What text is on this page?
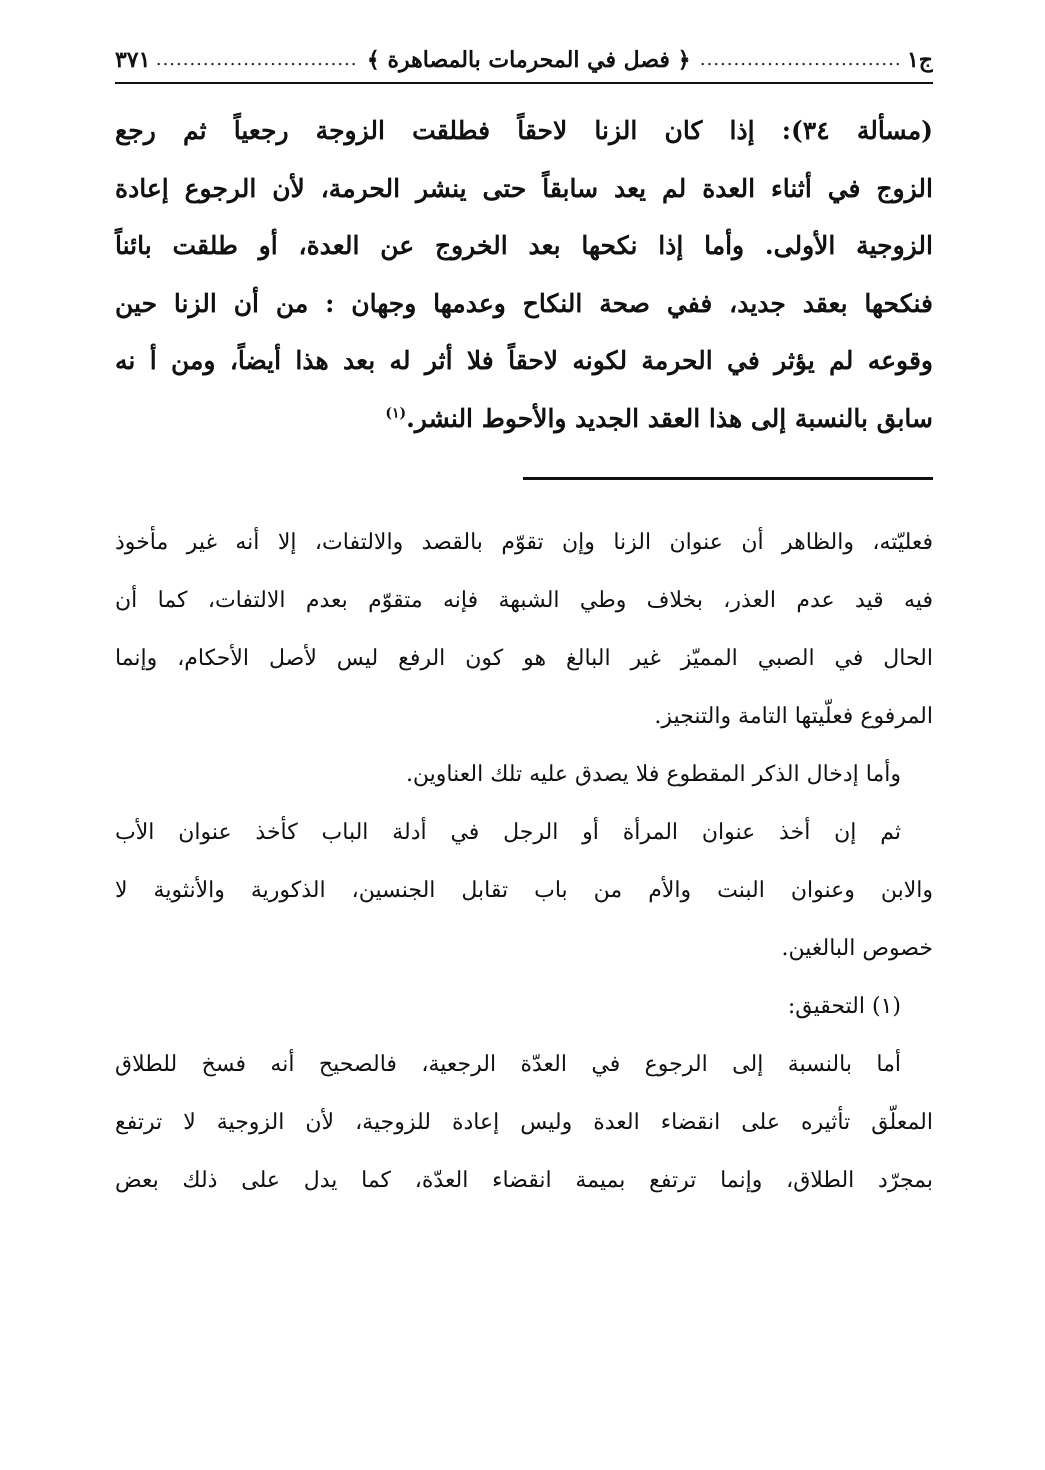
ج١
..............................
﴿ فصل في المحرمات بالمصاهرة ﴾
..............................
٣٧١
(مسألة ٣٤): إذا كان الزنا لاحقاً فطلقت الزوجة رجعياً ثم رجع
الزوج في أثناء العدة لم يعد سابقاً حتى ينشر الحرمة، لأن الرجوع إعادة
الزوجية الأولى. وأما إذا نكحها بعد الخروج عن العدة، أو طلقت بائناً
فنكحها بعقد جديد، ففي صحة النكاح وعدمها وجهان : من أن الزنا حين
وقوعه لم يؤثر في الحرمة لكونه لاحقاً فلا أثر له بعد هذا أيضاً، ومن أ نه
سابق بالنسبة إلى هذا العقد الجديد والأحوط النشر.$^{(١)}$
فعليّته، والظاهر أن عنوان الزنا وإن تقوّم بالقصد والالتفات، إلا أنه غير مأخوذ
فيه قيد عدم العذر، بخلاف وطي الشبهة فإنه متقوّم بعدم الالتفات، كما أن
الحال في الصبي المميّز غير البالغ هو كون الرفع ليس لأصل الأحكام، وإنما
المرفوع فعلّيتها التامة والتنجيز.
وأما إدخال الذكر المقطوع فلا يصدق عليه تلك العناوين.
ثم إن أخذ عنوان المرأة أو الرجل في أدلة الباب كأخذ عنوان الأب
والابن وعنوان البنت والأم من باب تقابل الجنسين، الذكورية والأنثوية لا
خصوص البالغين.
(١) التحقيق:
أما بالنسبة إلى الرجوع في العدّة الرجعية، فالصحيح أنه فسخ للطلاق
المعلّق تأثيره على انقضاء العدة وليس إعادة للزوجية، لأن الزوجية لا ترتفع
بمجرّد الطلاق، وإنما ترتفع بميمة انقضاء العدّة، كما يدل على ذلك بعض
